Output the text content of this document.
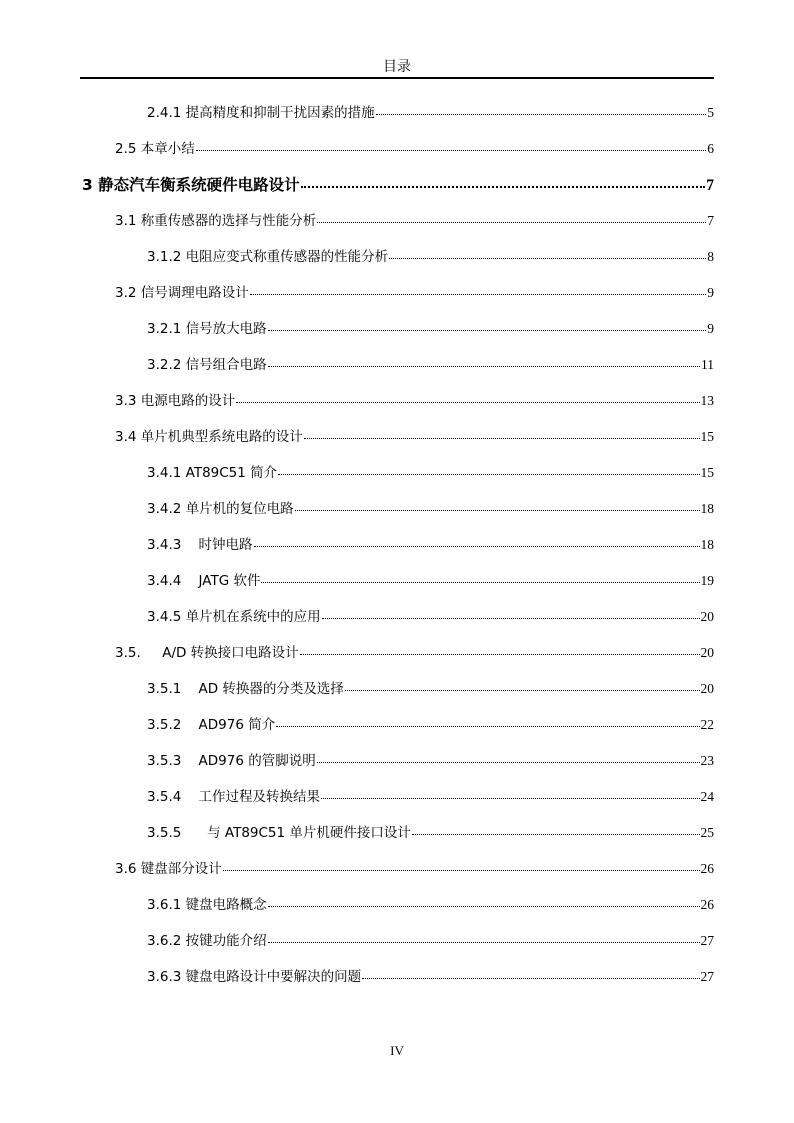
目录
2.4.1 提高精度和抑制干扰因素的措施	5
2.5 本章小结	6
3 静态汽车衡系统硬件电路设计	7
3.1 称重传感器的选择与性能分析	7
3.1.2 电阻应变式称重传感器的性能分析	8
3.2 信号调理电路设计	9
3.2.1 信号放大电路	9
3.2.2 信号组合电路	11
3.3 电源电路的设计	13
3.4 单片机典型系统电路的设计	15
3.4.1 AT89C51 简介	15
3.4.2 单片机的复位电路	18
3.4.3    时钟电路	18
3.4.4    JATG 软件	19
3.4.5 单片机在系统中的应用	20
3.5.     A/D 转换接口电路设计	20
3.5.1    AD 转换器的分类及选择	20
3.5.2    AD976 简介	22
3.5.3    AD976 的管脚说明	23
3.5.4    工作过程及转换结果	24
3.5.5      与 AT89C51 单片机硬件接口设计	25
3.6 键盘部分设计	26
3.6.1 键盘电路概念	26
3.6.2 按键功能介绍	27
3.6.3 键盘电路设计中要解决的问题	27
IV
